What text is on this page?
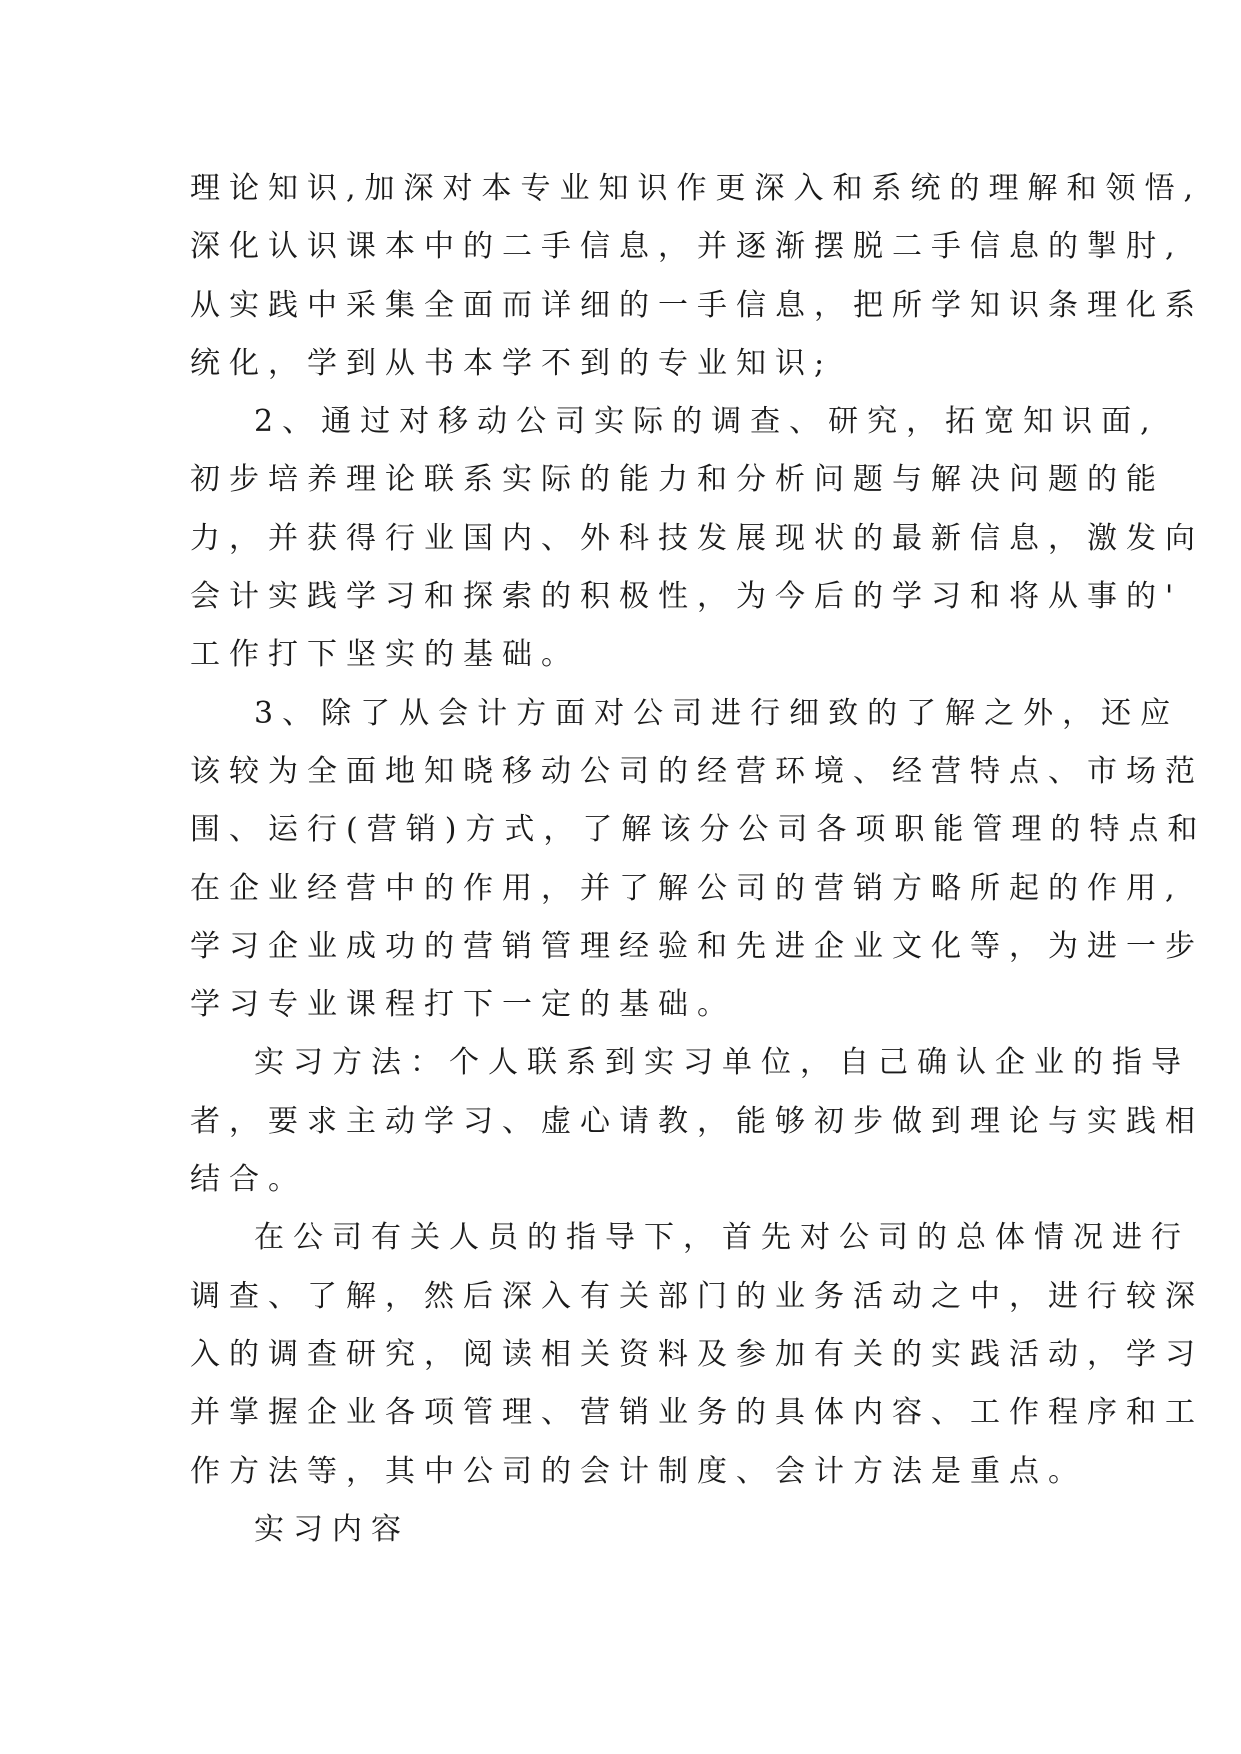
理论知识,加深对本专业知识作更深入和系统的理解和领悟,
深化认识课本中的二手信息，并逐渐摆脱二手信息的掣肘,
从实践中采集全面而详细的一手信息，把所学知识条理化系
统化，学到从书本学不到的专业知识;
2、通过对移动公司实际的调查、研究，拓宽知识面,
初步培养理论联系实际的能力和分析问题与解决问题的能
力，并获得行业国内、外科技发展现状的最新信息，激发向
会计实践学习和探索的积极性，为今后的学习和将从事的'
工作打下坚实的基础。
3、除了从会计方面对公司进行细致的了解之外，还应
该较为全面地知晓移动公司的经营环境、经营特点、市场范
围、运行(营销)方式，了解该分公司各项职能管理的特点和
在企业经营中的作用，并了解公司的营销方略所起的作用,
学习企业成功的营销管理经验和先进企业文化等，为进一步
学习专业课程打下一定的基础。
实习方法：个人联系到实习单位，自己确认企业的指导
者，要求主动学习、虚心请教，能够初步做到理论与实践相
结合。
在公司有关人员的指导下，首先对公司的总体情况进行
调查、了解，然后深入有关部门的业务活动之中，进行较深
入的调查研究，阅读相关资料及参加有关的实践活动，学习
并掌握企业各项管理、营销业务的具体内容、工作程序和工
作方法等，其中公司的会计制度、会计方法是重点。
实习内容
